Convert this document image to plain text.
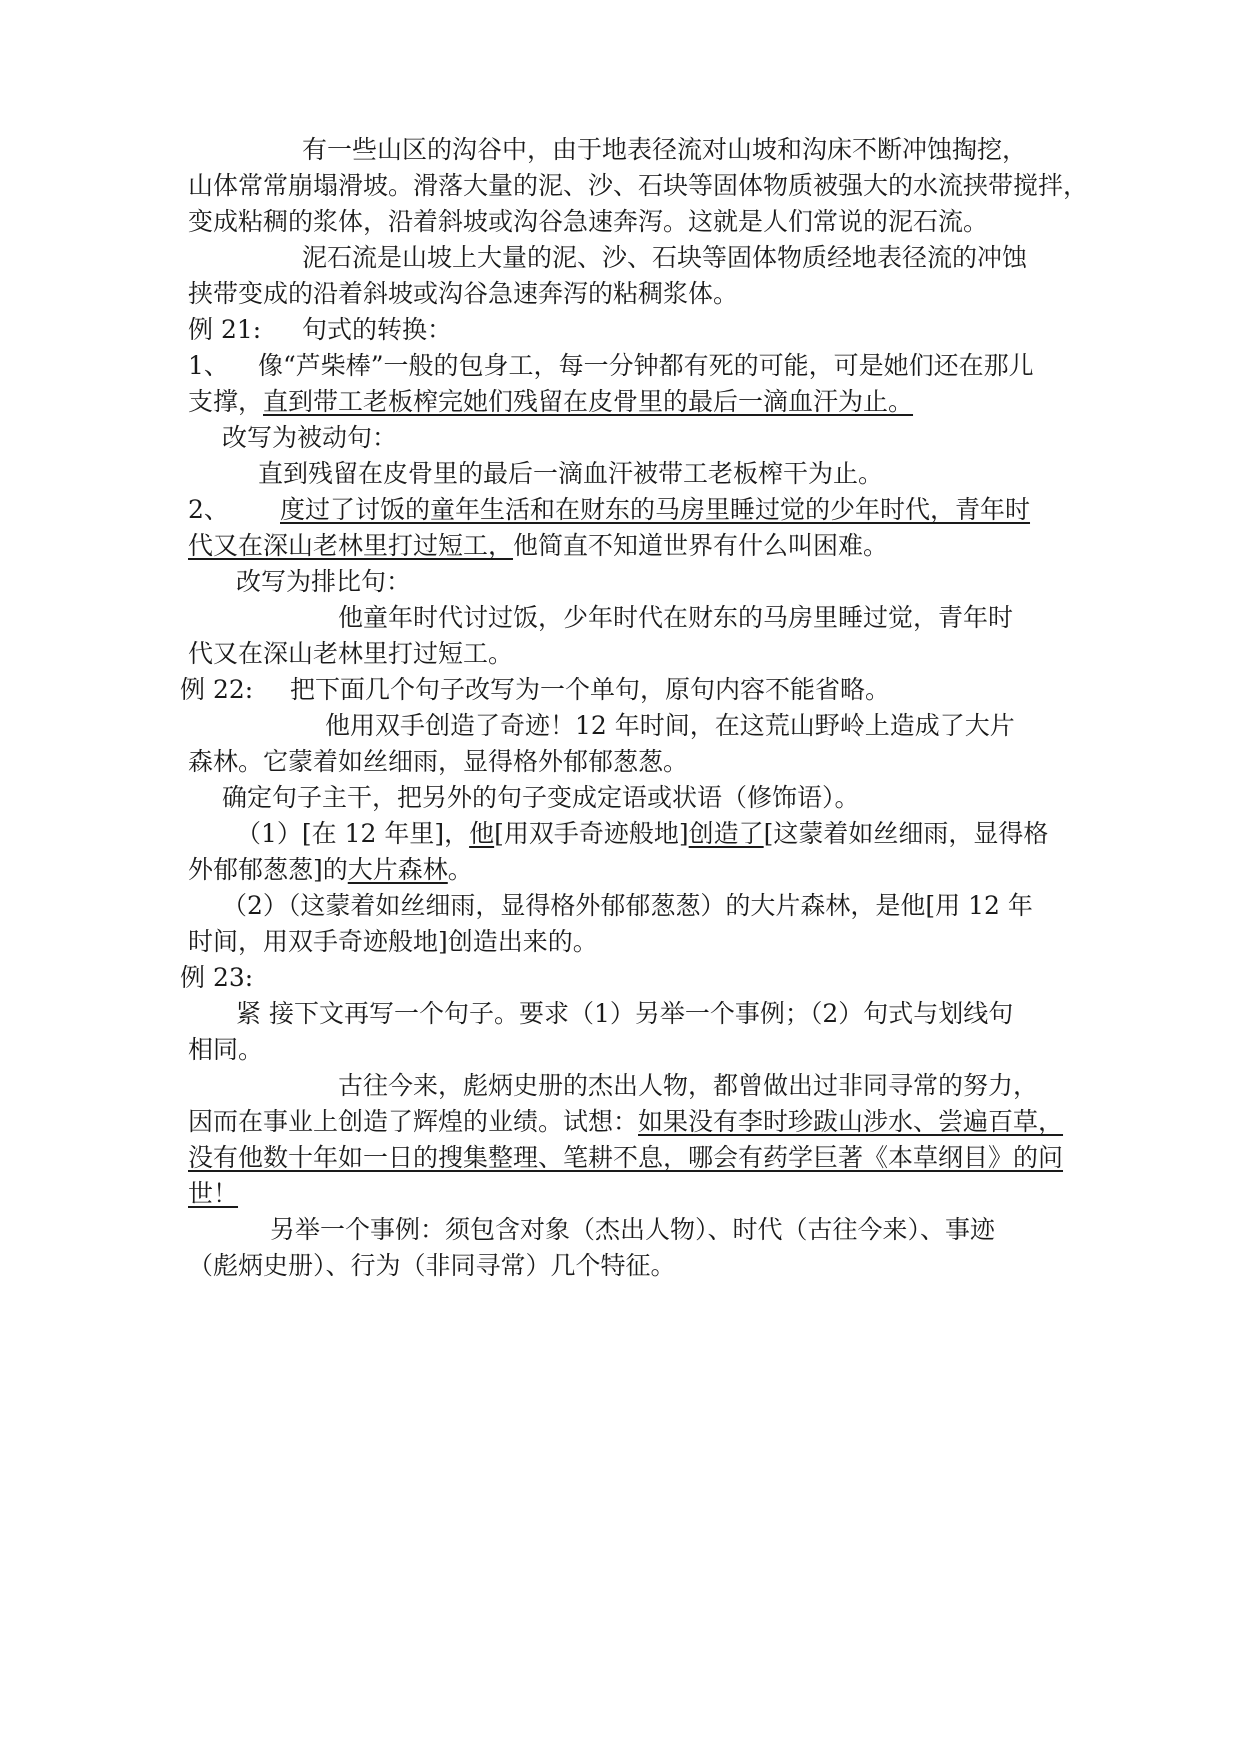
有一些山区的沟谷中，由于地表径流对山坡和沟床不断冲蚀掏挖，
山体常常崩塌滑坡。滑落大量的泥、沙、石块等固体物质被强大的水流挟带搅拌，
变成粘稠的浆体，沿着斜坡或沟谷急速奔泻。这就是人们常说的泥石流。
泥石流是山坡上大量的泥、沙、石块等固体物质经地表径流的冲蚀
挟带变成的沿着斜坡或沟谷急速奔泻的粘稠浆体。
例 21: 句式的转换：
1、 像“芦柴棒”一般的包身工，每一分钟都有死的可能，可是她们还在那儿
支撑，直到带工老板榨完她们残留在皮骨里的最后一滴血汗为止。
改写为被动句：
直到残留在皮骨里的最后一滴血汗被带工老板榨干为止。
2、 度过了讨饭的童年生活和在财东的马房里睡过觉的少年时代，青年时
代又在深山老林里打过短工，他简直不知道世界有什么叫困难。
改写为排比句：
他童年时代讨过饭，少年时代在财东的马房里睡过觉，青年时
代又在深山老林里打过短工。
例 22: 把下面几个句子改写为一个单句，原句内容不能省略。
他用双手创造了奇迹！12 年时间，在这荒山野岭上造成了大片
森林。它蒙着如丝细雨，显得格外郁郁葱葱。
确定句子主干，把另外的句子变成定语或状语（修饰语）。
（1）[在 12 年里]，他[用双手奇迹般地]创造了[这蒙着如丝细雨，显得格
外郁郁葱葱]的大片森林。
（2）（这蒙着如丝细雨，显得格外郁郁葱葱）的大片森林，是他[用 12 年
时间，用双手奇迹般地]创造出来的。
例 23:
紧 接下文再写一个句子。要求（1）另举一个事例；（2）句式与划线句
相同。
古往今来，彪炳史册的杰出人物，都曾做出过非同寻常的努力，
因而在事业上创造了辉煌的业绩。试想：如果没有李时珍跋山涉水、尝遍百草，
没有他数十年如一日的搜集整理、笔耕不息，哪会有药学巨著《本草纲目》的问
世！
另举一个事例：须包含对象（杰出人物）、时代（古往今来）、事迹
（彪炳史册）、行为（非同寻常）几个特征。
